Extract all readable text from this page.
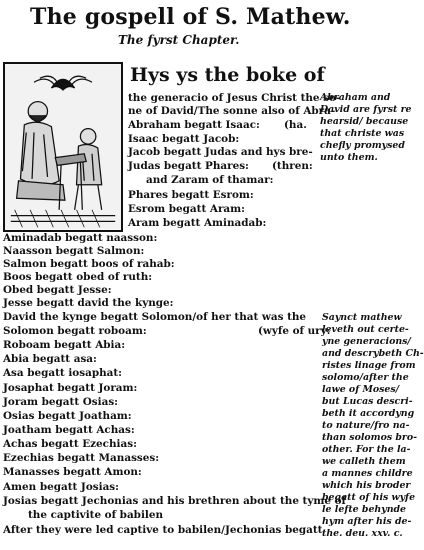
The gospell of S. Mathew.
The fyrst Chapter.
Hys ys the boke of
the generacio of Jesus Christ the so-
ne of David/The sonne also of Abra-
Abraham begatt Isaac:
Isaac begatt Jacob:
Jacob begatt Judas and hys bre-
Judas begatt Phares:
and Zaram of thamar:
Phares begatt Esrom:
Esrom begatt Aram:
Aram begatt Aminadab:
Aminadab begatt naasson:
Naasson begatt Salmon:
Salmon begatt boos of rahab:
Boos begatt obed of ruth:
Obed begatt Jesse:
Jesse begatt david the kynge:
David the kynge begatt Solomon/of her that was the
Solomon begatt roboam:
Roboam begatt Abia:
Abia begatt asa:
Asa begatt iosaphat:
Josaphat begatt Joram:
Joram begatt Osias:
Osias begatt Joatham:
Joatham begatt Achas:
Achas begatt Ezechias:
Ezechias begatt Manasses:
Manasses begatt Amon:
Amen begatt Josias:
Josias begatt Jechonias and his brethren about the tyme of
the captivite of babilen
After they were led captive to babilen/Jechonias begatt
(ha.
(thren:
(wyfe of ury:
Abraham and
David are fyrst re
hearsid/ because
that christe was
chefly promysed
unto them.
Saynct mathew
leveth out certe-
yne generacions/
and descrybeth Ch-
ristes linage from
solomo/after the
lawe of Moses/
but Lucas descri-
beth it accordyng
to nature/fro na-
than solomos bro-
other. For the la-
we calleth them
a mannes childre
which his broder
begatt of his wyfe
le lefte behynde
hym after his de-
the. deu. xxv. c.
